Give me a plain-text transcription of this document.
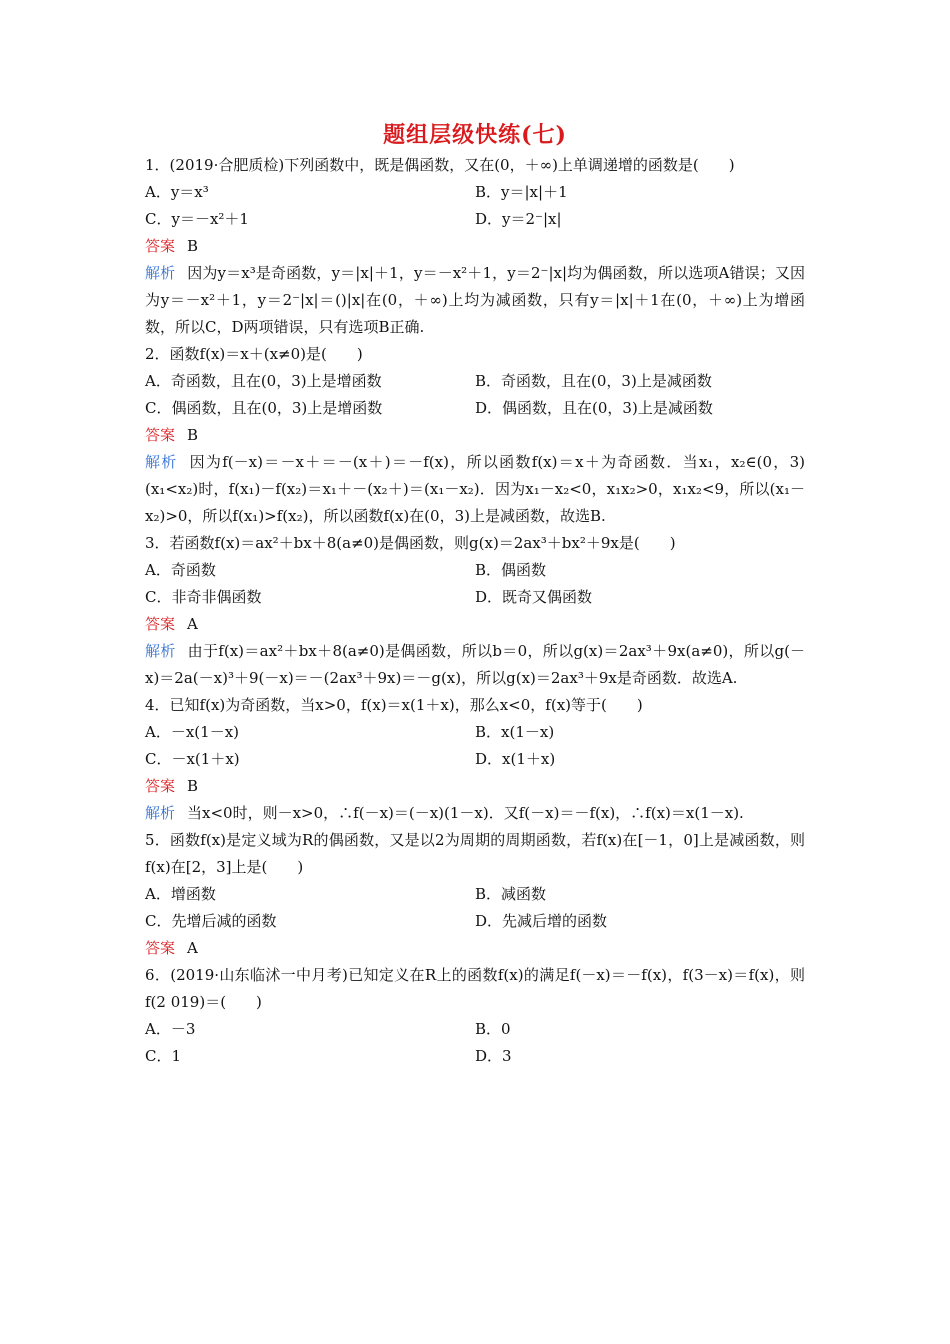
题组层级快练(七)
1．(2019·合肥质检)下列函数中，既是偶函数，又在(0，＋∞)上单调递增的函数是(　　)
A．y＝x³	B．y＝|x|＋1
C．y＝－x²＋1	D．y＝2⁻|x|
答案 B
解析 因为y＝x³是奇函数，y＝|x|＋1，y＝－x²＋1，y＝2⁻|x|均为偶函数，所以选项A错误；又因为y＝－x²＋1，y＝2⁻|x|＝()|x|在(0，＋∞)上均为减函数，只有y＝|x|＋1在(0，＋∞)上为增函数，所以C，D两项错误，只有选项B正确.
2．函数f(x)＝x＋(x≠0)是(　　)
A．奇函数，且在(0，3)上是增函数	B．奇函数，且在(0，3)上是减函数
C．偶函数，且在(0，3)上是增函数	D．偶函数，且在(0，3)上是减函数
答案 B
解析 因为f(－x)＝－x＋＝－(x＋)＝－f(x)，所以函数f(x)＝x＋为奇函数．当x₁，x₂∈(0，3)(x₁<x₂)时，f(x₁)－f(x₂)＝x₁＋－(x₂＋)＝(x₁－x₂)．因为x₁－x₂<0，x₁x₂>0，x₁x₂<9，所以(x₁－x₂)>0，所以f(x₁)>f(x₂)，所以函数f(x)在(0，3)上是减函数，故选B.
3．若函数f(x)＝ax²＋bx＋8(a≠0)是偶函数，则g(x)＝2ax³＋bx²＋9x是(　　)
A．奇函数	B．偶函数
C．非奇非偶函数	D．既奇又偶函数
答案 A
解析 由于f(x)＝ax²＋bx＋8(a≠0)是偶函数，所以b＝0，所以g(x)＝2ax³＋9x(a≠0)，所以g(－x)＝2a(－x)³＋9(－x)＝－(2ax³＋9x)＝－g(x)，所以g(x)＝2ax³＋9x是奇函数．故选A.
4．已知f(x)为奇函数，当x>0，f(x)＝x(1＋x)，那么x<0，f(x)等于(　　)
A．－x(1－x)	B．x(1－x)
C．－x(1＋x)	D．x(1＋x)
答案 B
解析 当x<0时，则－x>0，∴f(－x)＝(－x)(1－x)．又f(－x)＝－f(x)，∴f(x)＝x(1－x).
5．函数f(x)是定义域为R的偶函数，又是以2为周期的周期函数，若f(x)在[－1，0]上是减函数，则f(x)在[2，3]上是(　　)
A．增函数	B．减函数
C．先增后减的函数	D．先减后增的函数
答案 A
6．(2019·山东临沭一中月考)已知定义在R上的函数f(x)的满足f(－x)＝－f(x)，f(3－x)＝f(x)，则f(2 019)＝(　　)
A．－3	B．0
C．1	D．3
